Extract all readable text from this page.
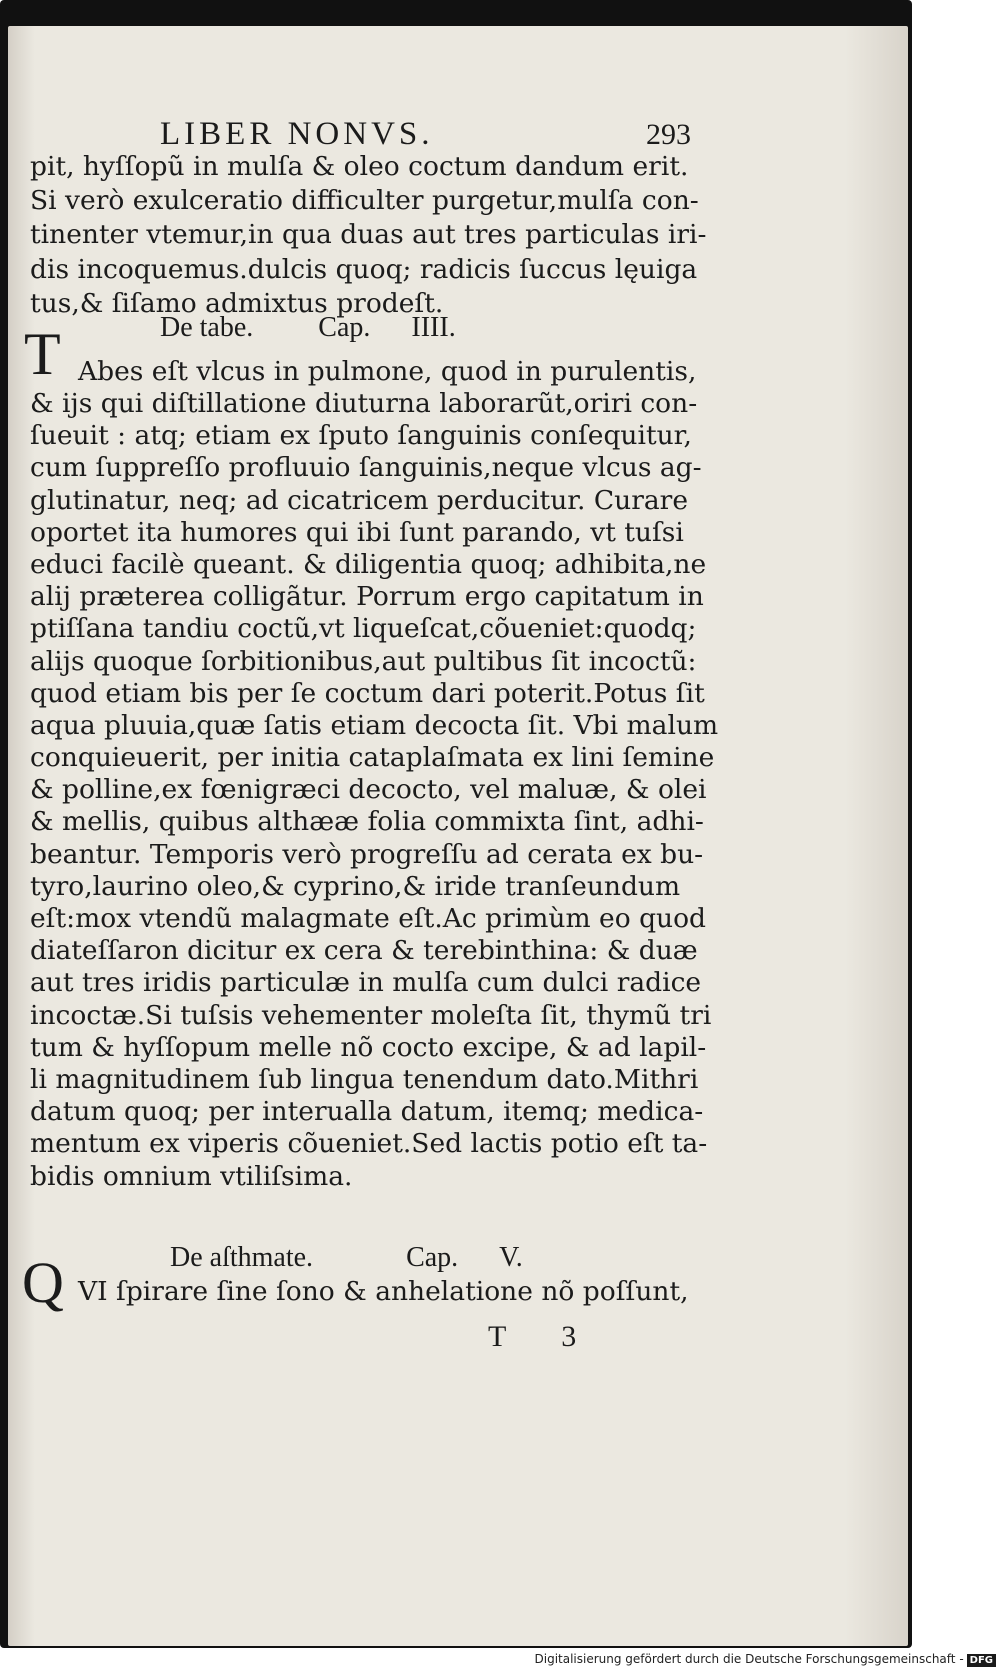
LIBER NONVS.	293
pit, hyſſopũ in mulſa & oleo coctum dandum erit.
Si verò exulceratio difficulter purgetur,mulſa con-
tinenter vtemur,in qua duas aut tres particulas iri-
dis incoquemus.dulcis quoq; radicis ſuccus lęuiga
tus,& ſiſamo admixtus prodeſt.
De tabe. Cap. IIII.
T Abes eſt vlcus in pulmone, quod in purulentis,
& ijs qui diſtillatione diuturna laborarũt,oriri con-
ſueuit : atq; etiam ex ſputo ſanguinis conſequitur,
cum ſuppreſſo profluuio ſanguinis,neque vlcus ag-
glutinatur, neq; ad cicatricem perducitur. Curare
oportet ita humores qui ibi ſunt parando, vt tuſsi
educi facilè queant. & diligentia quoq; adhibita,ne
alij præterea colligãtur. Porrum ergo capitatum in
ptiſſana tandiu coctũ,vt liqueſcat,cõueniet:quodq;
alijs quoque ſorbitionibus,aut pultibus ſit incoctũ:
quod etiam bis per ſe coctum dari poterit.Potus ſit
aqua pluuia,quæ ſatis etiam decocta ſit. Vbi malum
conquieuerit, per initia cataplaſmata ex lini ſemine
& polline,ex fœnigræci decocto, vel maluæ, & olei
& mellis, quibus althææ folia commixta ſint, adhi-
beantur. Temporis verò progreſſu ad cerata ex bu-
tyro,laurino oleo,& cyprino,& iride tranſeundum
eſt:mox vtendũ malagmate eſt.Ac primùm eo quod
diateſſaron dicitur ex cera & terebinthina: & duæ
aut tres iridis particulæ in mulſa cum dulci radice
incoctæ.Si tuſsis vehementer moleſta ſit, thymũ tri
tum & hyſſopum melle nõ cocto excipe, & ad lapil-
li magnitudinem ſub lingua tenendum dato.Mithri
datum quoq; per interualla datum, itemq; medica-
mentum ex viperis cõueniet.Sed lactis potio eſt ta-
bidis omnium vtiliſsima.
De aſthmate.	Cap. V.
Q VI ſpirare ſine ſono & anhelatione nõ poſſunt,
T 3
Digitalisierung gefördert durch die Deutsche Forschungsgemeinschaft - DFG
